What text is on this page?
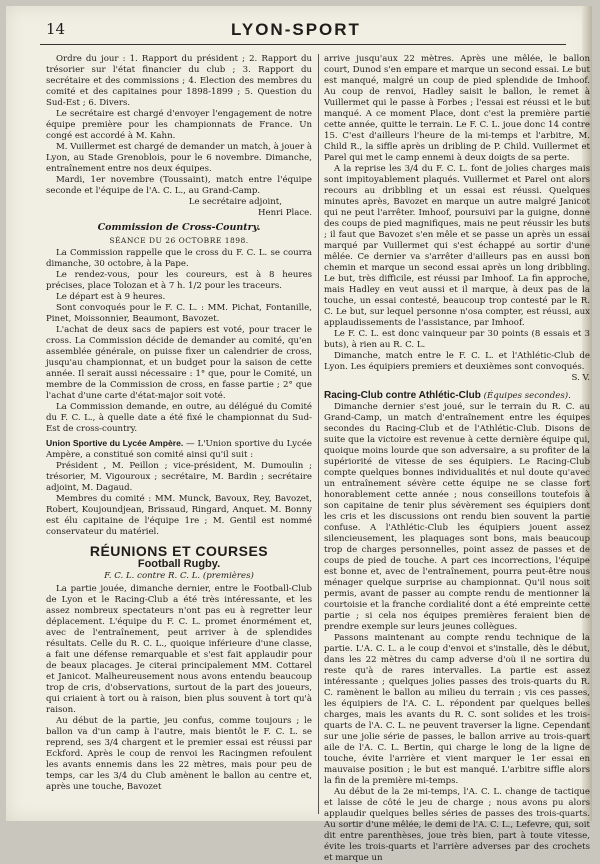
14	LYON-SPORT

Ordre du jour : 1. Rapport du président ; 2. Rapport du trésorier sur l'état financier du club ; 3. Rapport du secrétaire et des commissions ; 4. Election des membres du comité et des capitaines pour 1898-1899 ; 5. Question du Sud-Est ; 6. Divers.

Le secrétaire est chargé d'envoyer l'engagement de notre équipe première pour les championnats de France. Un congé est accordé à M. Kahn.

M. Vuillermet est chargé de demander un match, à jouer à Lyon, au Stade Grenoblois, pour le 6 novembre. Dimanche, entraînement entre nos deux équipes.

Mardi, 1er novembre (Toussaint), match entre l'équipe seconde et l'équipe de l'A. C. L., au Grand-Camp.

Le secrétaire adjoint,

Henri Place.

Commission de Cross-Country.

SÉANCE DU 26 OCTOBRE 1898.

La Commission rappelle que le cross du F. C. L. se courra dimanche, 30 octobre, à la Pape.

Le rendez-vous, pour les coureurs, est à 8 heures précises, place Tolozan et à 7 h. 1/2 pour les traceurs.

Le départ est à 9 heures.

Sont convoqués pour le F. C. L. : MM. Pichat, Fontanille, Pinet, Moissonnier, Beaumont, Bavozet.

L'achat de deux sacs de papiers est voté, pour tracer le cross. La Commission décide de demander au comité, qu'en assemblée générale, on puisse fixer un calendrier de cross, jusqu'au championnat, et un budget pour la saison de cette année. Il serait aussi nécessaire : 1° que, pour le Comité, un membre de la Commission de cross, en fasse partie ; 2° que l'achat d'une carte d'état-major soit voté.

La Commission demande, en outre, au délégué du Comité du F. C. L., à quelle date a été fixé le championnat du Sud-Est de cross-country.

Union Sportive du Lycée Ampère. — L'Union sportive du Lycée Ampère, a constitué son comité ainsi qu'il suit :

Président , M. Peillon ; vice-président, M. Dumoulin ; trésorier, M. Vigouroux ; secrétaire, M. Bardin ; secrétaire adjoint, M. Dagaud.

Membres du comité : MM. Munck, Bavoux, Rey, Bavozet, Robert, Koujoundjean, Brissaud, Ringard, Anquet. M. Bonny est élu capitaine de l'équipe 1re ; M. Gentil est nommé conservateur du matériel.

RÉUNIONS ET COURSES

Football Rugby.

F. C. L. contre R. C. L. (premières)

La partie jouée, dimanche dernier, entre le Football-Club de Lyon et le Racing-Club a été très intéressante, et les assez nombreux spectateurs n'ont pas eu à regretter leur déplacement. L'équipe du F. C. L. promet énormément et, avec de l'entraînement, peut arriver à de splendides résultats. Celle du R. C. L., quoique inférieure d'une classe, a fait une défense remarquable et s'est fait applaudir pour de beaux placages. Je citerai principalement MM. Cottarel et Janicot. Malheureusement nous avons entendu beaucoup trop de cris, d'observations, surtout de la part des joueurs, qui criaient à tort ou à raison, bien plus souvent à tort qu'à raison.

Au début de la partie, jeu confus, comme toujours ; le ballon va d'un camp à l'autre, mais bientôt le F. C. L. se reprend, ses 3/4 chargent et le premier essai est réussi par Eckford. Après le coup de renvoi les Racingmen refoulent les avants ennemis dans les 22 mètres, mais pour peu de temps, car les 3/4 du Club amènent le ballon au centre et, après une touche, Bavozet

arrive jusqu'aux 22 mètres. Après une mêlée, le ballon court, Dunod s'en empare et marque un second essai. Le but est manqué, malgré un coup de pied splendide de Imhoof. Au coup de renvoi, Hadley saisit le ballon, le remet à Vuillermet qui le passe à Forbes ; l'essai est réussi et le but manqué. A ce moment Place, dont c'est la première partie cette année, quitte le terrain. Le F. C. L. joue donc 14 contre 15. C'est d'ailleurs l'heure de la mi-temps et l'arbitre, M. Child R., la siffle après un dribling de P. Child. Vuillermet et Parel qui met le camp ennemi à deux doigts de sa perte.

A la reprise les 3/4 du F. C. L. font de jolies charges mais sont impitoyablement plaqués. Vuillermet et Parel ont alors recours au dribbling et un essai est réussi. Quelques minutes après, Bavozet en marque un autre malgré Janicot qui ne peut l'arrêter. Imhoof, poursuivi par la guigne, donne des coups de pied magnifiques, mais ne peut réussir les buts ; il faut que Bavozet s'en mêle et se passe un après un essai marqué par Vuillermet qui s'est échappé au sortir d'une mêlée. Ce dernier va s'arrêter d'ailleurs pas en aussi bon chemin et marque un second essai après un long dribbling. Le but, très difficile, est réussi par Imhoof. La fin approche, mais Hadley en veut aussi et il marque, à deux pas de la touche, un essai contesté, beaucoup trop contesté par le R. C. Le but, sur lequel personne n'osa compter, est réussi, aux applaudissements de l'assistance, par Imhoof.

Le F. C. L. est donc vainqueur par 30 points (8 essais et 3 buts), à rien au R. C. L.

Dimanche, match entre le F. C. L. et l'Athlétic-Club de Lyon. Les équipiers premiers et deuxièmes sont convoqués.

S. V.

Racing-Club contre Athlétic-Club (Équipes secondes).

Dimanche dernier s'est joué, sur le terrain du R. C. au Grand-Camp, un match d'entraînement entre les équipes secondes du Racing-Club et de l'Athlétic-Club. Disons de suite que la victoire est revenue à cette dernière équipe qui, quoique moins lourde que son adversaire, a su profiter de la supériorité de vitesse de ses équipiers. Le Racing-Club compte quelques bonnes individualités et nul doute qu'avec un entraînement sévère cette équipe ne se classe fort honorablement cette année ; nous conseillons toutefois à son capitaine de tenir plus sévèrement ses équipiers dont les cris et les discussions ont rendu bien souvent la partie confuse. A l'Athlétic-Club les équipiers jouent assez silencieusement, les plaquages sont bons, mais beaucoup trop de charges personnelles, point assez de passes et de coups de pied de touche. A part ces incorrections, l'équipe est bonne et, avec de l'entraînement, pourra peut-être nous ménager quelque surprise au championnat. Qu'il nous soit permis, avant de passer au compte rendu de mentionner la courtoisie et la franche cordialité dont a été empreinte cette partie ; si cela nos équipes premières feraient bien de prendre exemple sur leurs jeunes collègues.

Passons maintenant au compte rendu technique de la partie. L'A. C. L. a le coup d'envoi et s'installe, dès le début, dans les 22 mètres du camp adverse d'où il ne sortira du reste qu'à de rares intervalles. La partie est assez intéressante ; quelques jolies passes des trois-quarts du R. C. ramènent le ballon au milieu du terrain ; vis ces passes, les équipiers de l'A. C. L. répondent par quelques belles charges, mais les avants du R. C. sont solides et les trois-quarts de l'A. C. L. ne peuvent traverser la ligne. Cependant sur une jolie série de passes, le ballon arrive au trois-quart aile de l'A. C. L. Bertin, qui charge le long de la ligne de touche, évite l'arrière et vient marquer le 1er essai en mauvaise position ; le but est manqué. L'arbitre siffle alors la fin de la première mi-temps.

Au début de la 2e mi-temps, l'A. C. L. change de tactique et laisse de côté le jeu de charge ; nous avons pu alors applaudir quelques belles séries de passes des trois-quarts. Au sortir d'une mêlée, le demi de l'A. C. L., Lefevre, qui, soit dit entre parenthèses, joue très bien, part à toute vitesse, évite les trois-quarts et l'arrière adverses par des crochets et marque un
